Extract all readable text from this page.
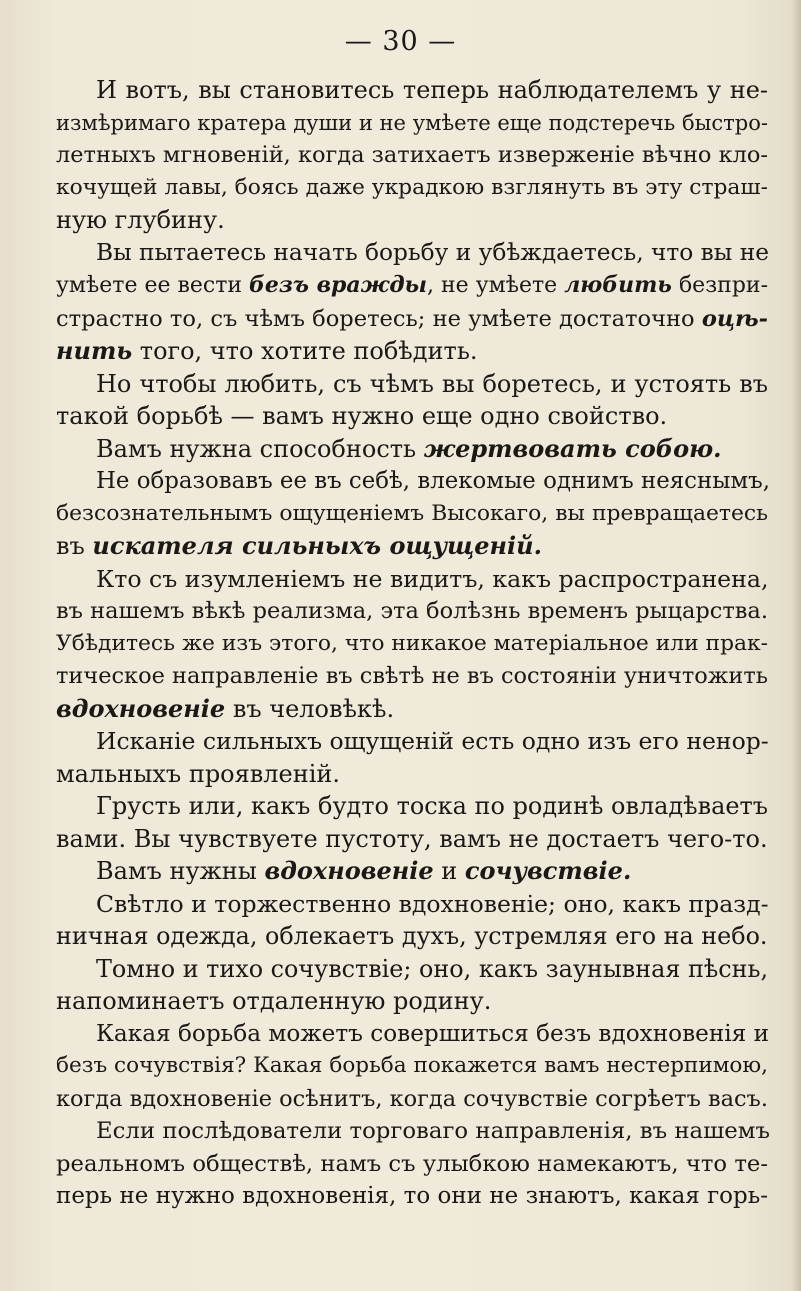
— 30 —
И вотъ, вы становитесь теперь наблюдателемъ у не-
измѣримаго кратера души и не умѣете еще подстеречь быстро-
летныхъ мгновеній, когда затихаетъ изверженіе вѣчно кло-
кочущей лавы, боясь даже украдкою взглянуть въ эту страш-
ную глубину.
Вы пытаетесь начать борьбу и убѣждаетесь, что вы не
умѣете ее вести безъ вражды, не умѣете любить безпри-
страстно то, съ чѣмъ боретесь; не умѣете достаточно оцѣ-
нить того, что хотите побѣдить.
Но чтобы любить, съ чѣмъ вы боретесь, и устоять въ
такой борьбѣ — вамъ нужно еще одно свойство.
Вамъ нужна способность жертвовать собою.
Не образовавъ ее въ себѣ, влекомые однимъ неяснымъ,
безсознательнымъ ощущеніемъ Высокаго, вы превращаетесь
въ искателя сильныхъ ощущеній.
Кто съ изумленіемъ не видитъ, какъ распространена,
въ нашемъ вѣкѣ реализма, эта болѣзнь временъ рыцарства.
Убѣдитесь же изъ этого, что никакое матеріальное или прак-
тическое направленіе въ свѣтѣ не въ состояніи уничтожить
вдохновеніе въ человѣкѣ.
Исканіе сильныхъ ощущеній есть одно изъ его ненор-
мальныхъ проявленій.
Грусть или, какъ будто тоска по родинѣ овладѣваетъ
вами. Вы чувствуете пустоту, вамъ не достаетъ чего-то.
Вамъ нужны вдохновеніе и сочувствіе.
Свѣтло и торжественно вдохновеніе; оно, какъ празд-
ничная одежда, облекаетъ духъ, устремляя его на небо.
Томно и тихо сочувствіе; оно, какъ заунывная пѣснь,
напоминаетъ отдаленную родину.
Какая борьба можетъ совершиться безъ вдохновенія и
безъ сочувствія? Какая борьба покажется вамъ нестерпимою,
когда вдохновеніе осѣнитъ, когда сочувствіе согрѣетъ васъ.
Если послѣдователи торговаго направленія, въ нашемъ
реальномъ обществѣ, намъ съ улыбкою намекаютъ, что те-
перь не нужно вдохновенія, то они не знаютъ, какая горь-
